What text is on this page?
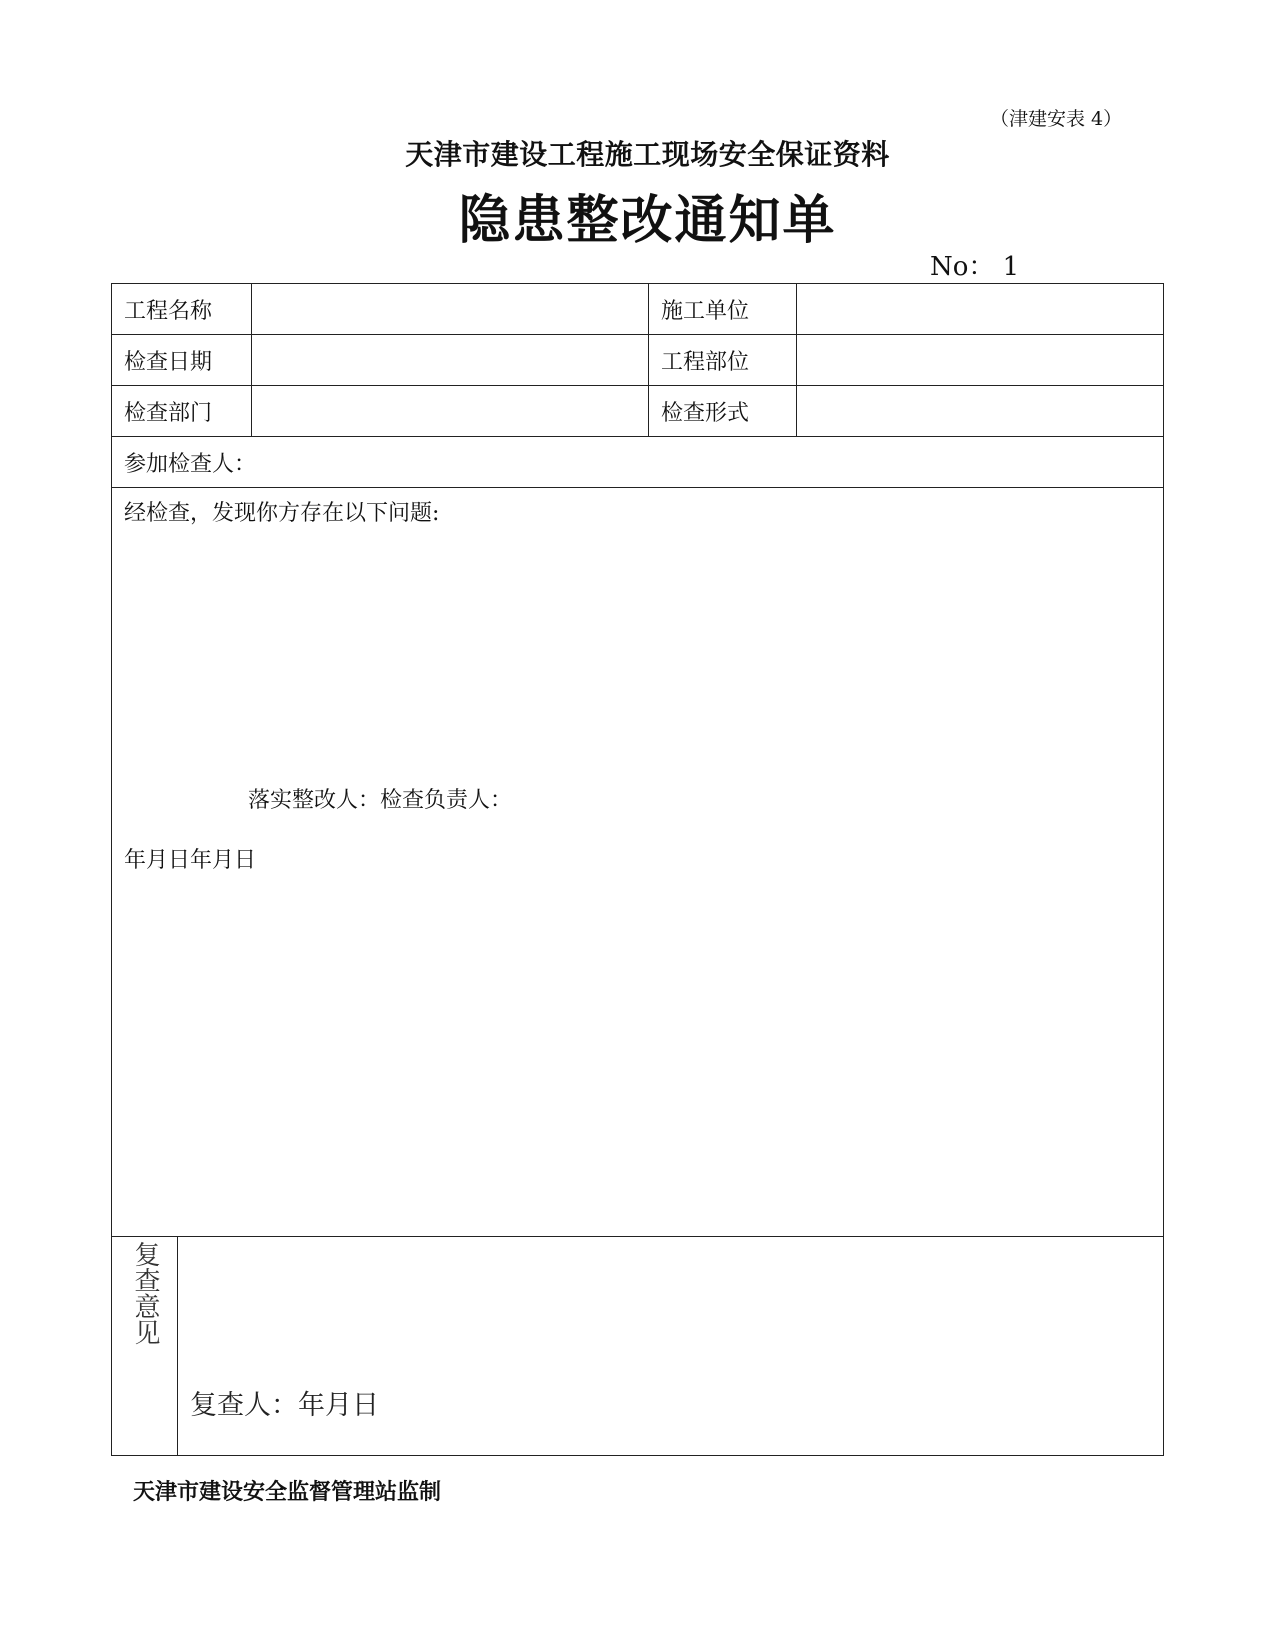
（津建安表 4）
天津市建设工程施工现场安全保证资料
隐患整改通知单
No： 1
工程名称			施工单位	
检查日期			工程部位	
检查部门			检查形式	
参加检查人：				

经检查，发现你方存在以下问题:
落实整改人：检查负责人：
年月日年月日				

复查意见	复查人：年月日			
天津市建设安全监督管理站监制
